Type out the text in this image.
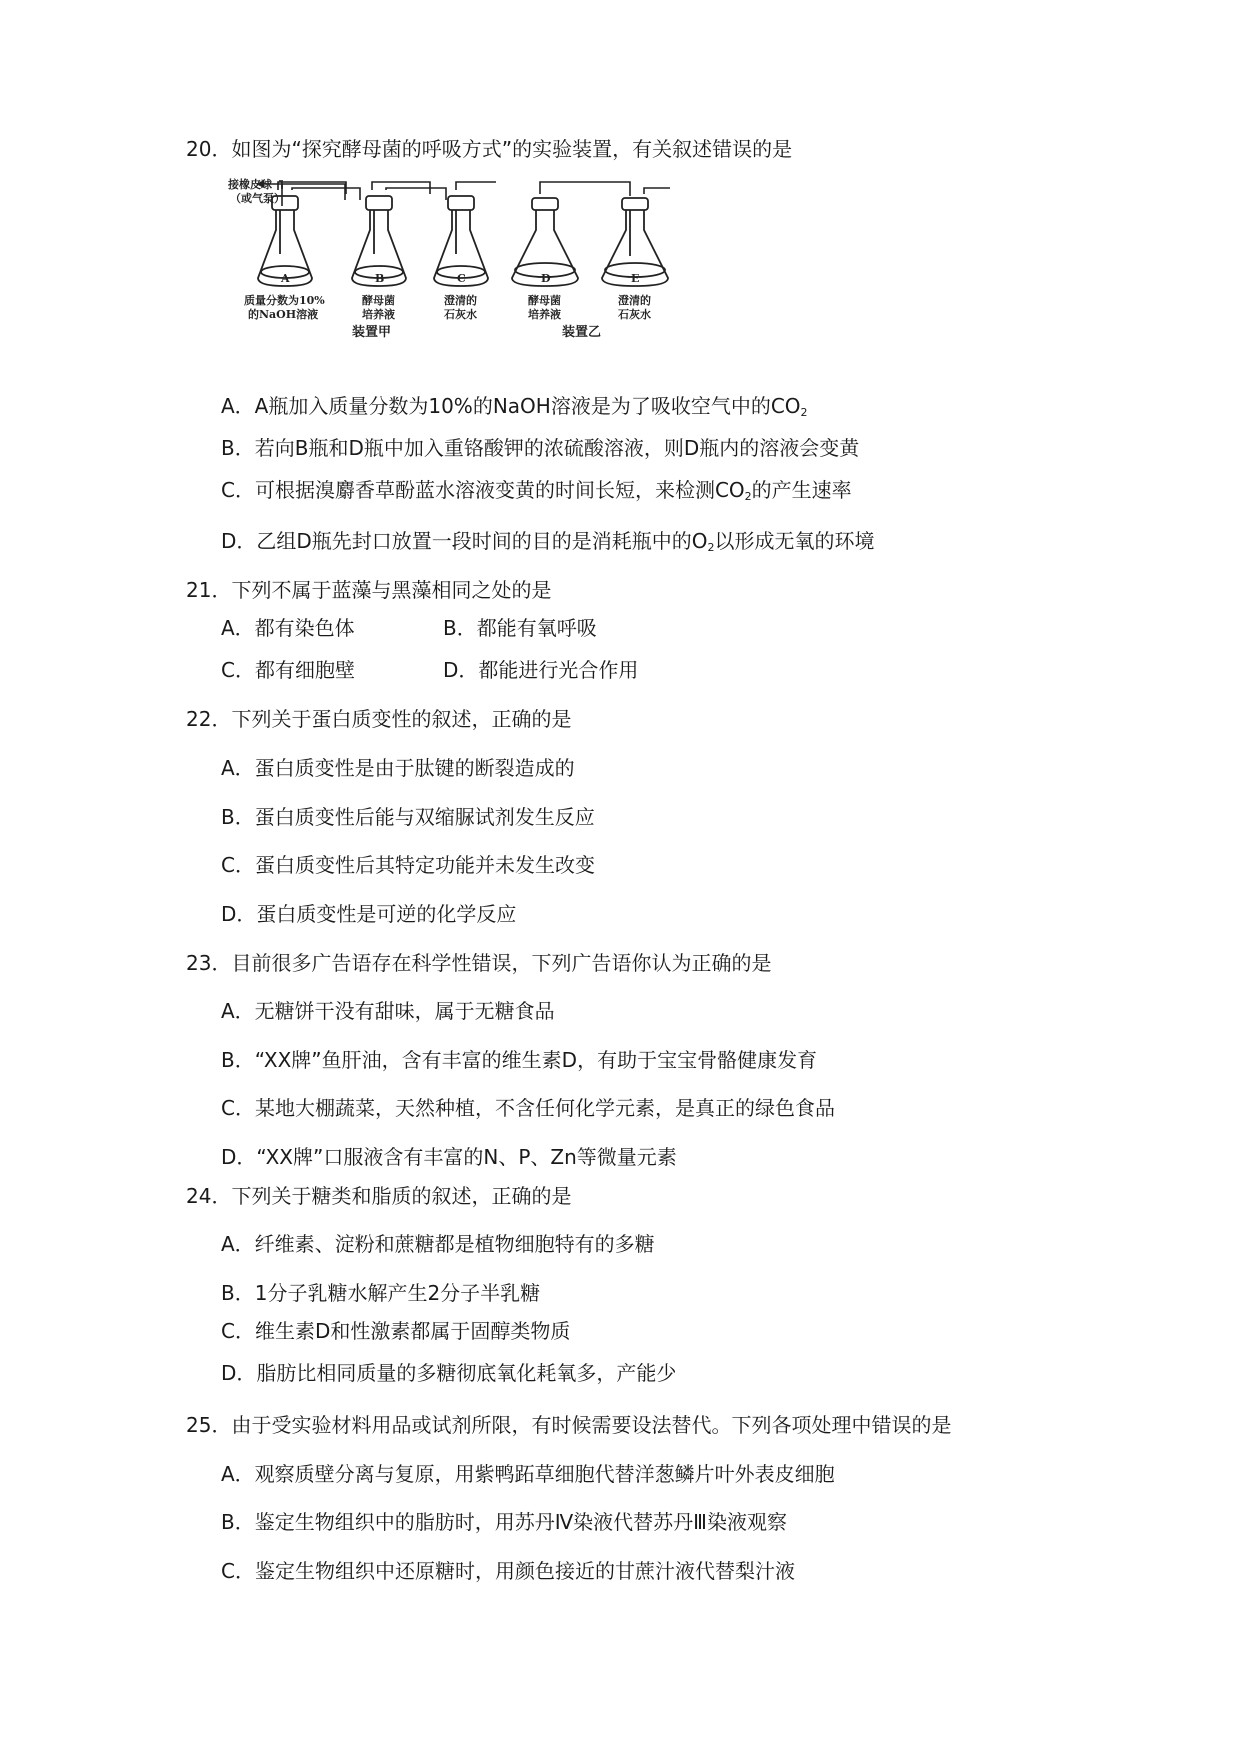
20．如图为“探究酵母菌的呼吸方式”的实验装置，有关叙述错误的是
接橡皮球
（或气泵）
A	B	C	D	E
质量分数为10%
的NaOH溶液
酵母菌
培养液
澄清的
石灰水
酵母菌
培养液
澄清的
石灰水
装置甲	装置乙
A．A瓶加入质量分数为10%的NaOH溶液是为了吸收空气中的$CO_2$
B．若向B瓶和D瓶中加入重铬酸钾的浓硫酸溶液，则D瓶内的溶液会变黄
C．可根据溴麝香草酚蓝水溶液变黄的时间长短，来检测$CO_2$的产生速率
D．乙组D瓶先封口放置一段时间的目的是消耗瓶中的$O_2$以形成无氧的环境
21．下列不属于蓝藻与黑藻相同之处的是
A．都有染色体	B．都能有氧呼吸
C．都有细胞壁	D．都能进行光合作用
22．下列关于蛋白质变性的叙述，正确的是
A．蛋白质变性是由于肽键的断裂造成的
B．蛋白质变性后能与双缩脲试剂发生反应
C．蛋白质变性后其特定功能并未发生改变
D．蛋白质变性是可逆的化学反应
23．目前很多广告语存在科学性错误，下列广告语你认为正确的是
A．无糖饼干没有甜味，属于无糖食品
B．“XX牌”鱼肝油，含有丰富的维生素D，有助于宝宝骨骼健康发育
C．某地大棚蔬菜，天然种植，不含任何化学元素，是真正的绿色食品
D．“XX牌”口服液含有丰富的N、P、Zn等微量元素
24．下列关于糖类和脂质的叙述，正确的是
A．纤维素、淀粉和蔗糖都是植物细胞特有的多糖
B．1分子乳糖水解产生2分子半乳糖
C．维生素D和性激素都属于固醇类物质
D．脂肪比相同质量的多糖彻底氧化耗氧多，产能少
25．由于受实验材料用品或试剂所限，有时候需要设法替代。下列各项处理中错误的是
A．观察质壁分离与复原，用紫鸭跖草细胞代替洋葱鳞片叶外表皮细胞
B．鉴定生物组织中的脂肪时，用苏丹Ⅳ染液代替苏丹Ⅲ染液观察
C．鉴定生物组织中还原糖时，用颜色接近的甘蔗汁液代替梨汁液
